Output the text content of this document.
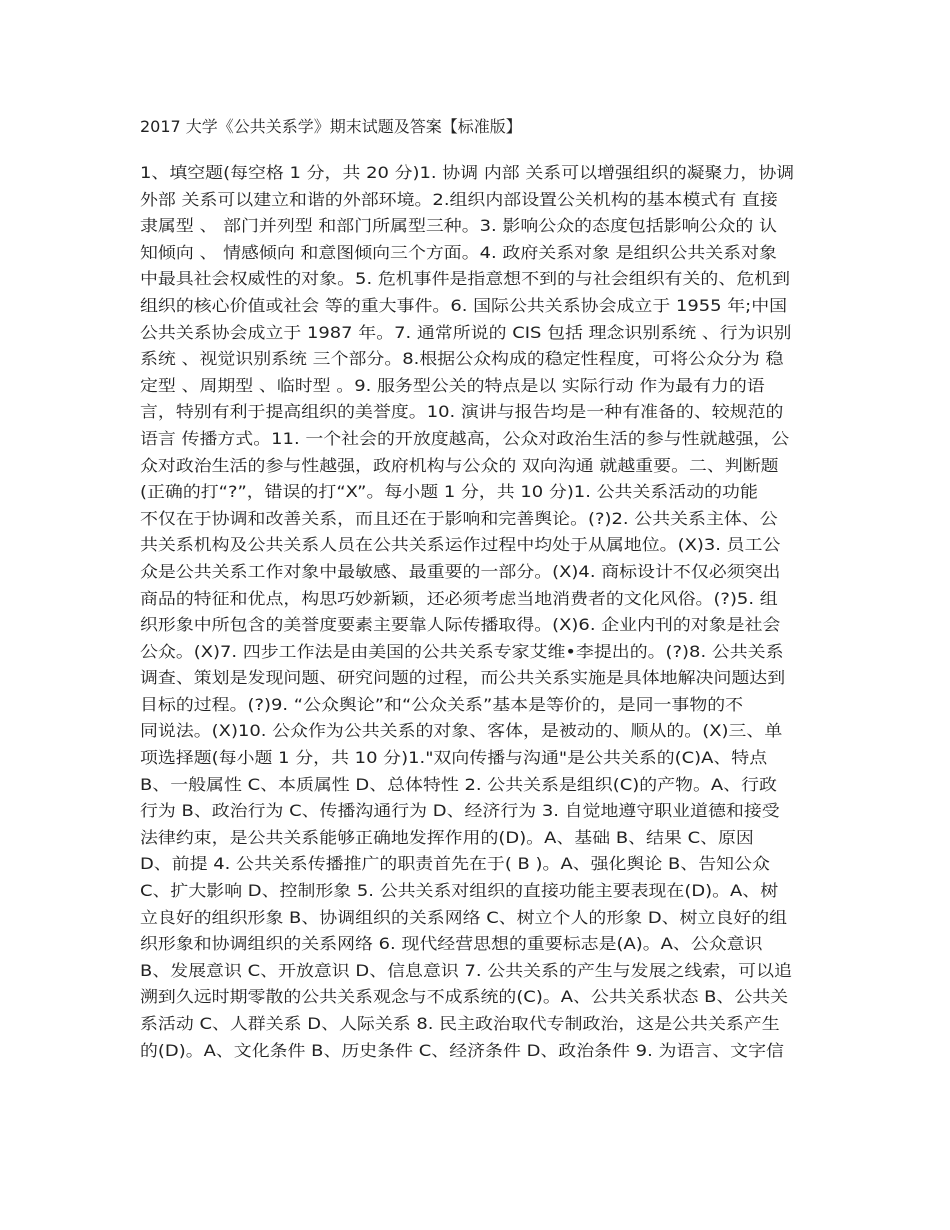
2017 大学《公共关系学》期末试题及答案【标准版】
1、填空题(每空格 1 分，共 20 分)1. 协调 内部 关系可以增强组织的凝聚力，协调
外部 关系可以建立和谐的外部环境。2.组织内部设置公关机构的基本模式有 直接
隶属型 、 部门并列型 和部门所属型三种。3. 影响公众的态度包括影响公众的 认
知倾向 、 情感倾向 和意图倾向三个方面。4. 政府关系对象 是组织公共关系对象
中最具社会权威性的对象。5. 危机事件是指意想不到的与社会组织有关的、危机到
组织的核心价值或社会 等的重大事件。6. 国际公共关系协会成立于 1955 年;中国
公共关系协会成立于 1987 年。7. 通常所说的 CIS 包括 理念识别系统 、行为识别
系统 、视觉识别系统 三个部分。8.根据公众构成的稳定性程度，可将公众分为 稳
定型 、周期型 、临时型 。9. 服务型公关的特点是以 实际行动 作为最有力的语
言，特别有利于提高组织的美誉度。10. 演讲与报告均是一种有准备的、较规范的
语言 传播方式。11. 一个社会的开放度越高，公众对政治生活的参与性就越强，公
众对政治生活的参与性越强，政府机构与公众的 双向沟通 就越重要。二、判断题
(正确的打“?”，错误的打“X”。每小题 1 分，共 10 分)1. 公共关系活动的功能
不仅在于协调和改善关系，而且还在于影响和完善舆论。(?)2. 公共关系主体、公
共关系机构及公共关系人员在公共关系运作过程中均处于从属地位。(X)3. 员工公
众是公共关系工作对象中最敏感、最重要的一部分。(X)4. 商标设计不仅必须突出
商品的特征和优点，构思巧妙新颖，还必须考虑当地消费者的文化风俗。(?)5. 组
织形象中所包含的美誉度要素主要靠人际传播取得。(X)6. 企业内刊的对象是社会
公众。(X)7. 四步工作法是由美国的公共关系专家艾维•李提出的。(?)8. 公共关系
调查、策划是发现问题、研究问题的过程，而公共关系实施是具体地解决问题达到
目标的过程。(?)9. “公众舆论”和“公众关系”基本是等价的，是同一事物的不
同说法。(X)10. 公众作为公共关系的对象、客体，是被动的、顺从的。(X)三、单
项选择题(每小题 1 分，共 10 分)1."双向传播与沟通"是公共关系的(C)A、特点
B、一般属性 C、本质属性 D、总体特性 2. 公共关系是组织(C)的产物。A、行政
行为 B、政治行为 C、传播沟通行为 D、经济行为 3. 自觉地遵守职业道德和接受
法律约束，是公共关系能够正确地发挥作用的(D)。A、基础 B、结果 C、原因
D、前提 4. 公共关系传播推广的职责首先在于( B )。A、强化舆论 B、告知公众
C、扩大影响 D、控制形象 5. 公共关系对组织的直接功能主要表现在(D)。A、树
立良好的组织形象 B、协调组织的关系网络 C、树立个人的形象 D、树立良好的组
织形象和协调组织的关系网络 6. 现代经营思想的重要标志是(A)。A、公众意识
B、发展意识 C、开放意识 D、信息意识 7. 公共关系的产生与发展之线索，可以追
溯到久远时期零散的公共关系观念与不成系统的(C)。A、公共关系状态 B、公共关
系活动 C、人群关系 D、人际关系 8. 民主政治取代专制政治，这是公共关系产生
的(D)。A、文化条件 B、历史条件 C、经济条件 D、政治条件 9. 为语言、文字信
